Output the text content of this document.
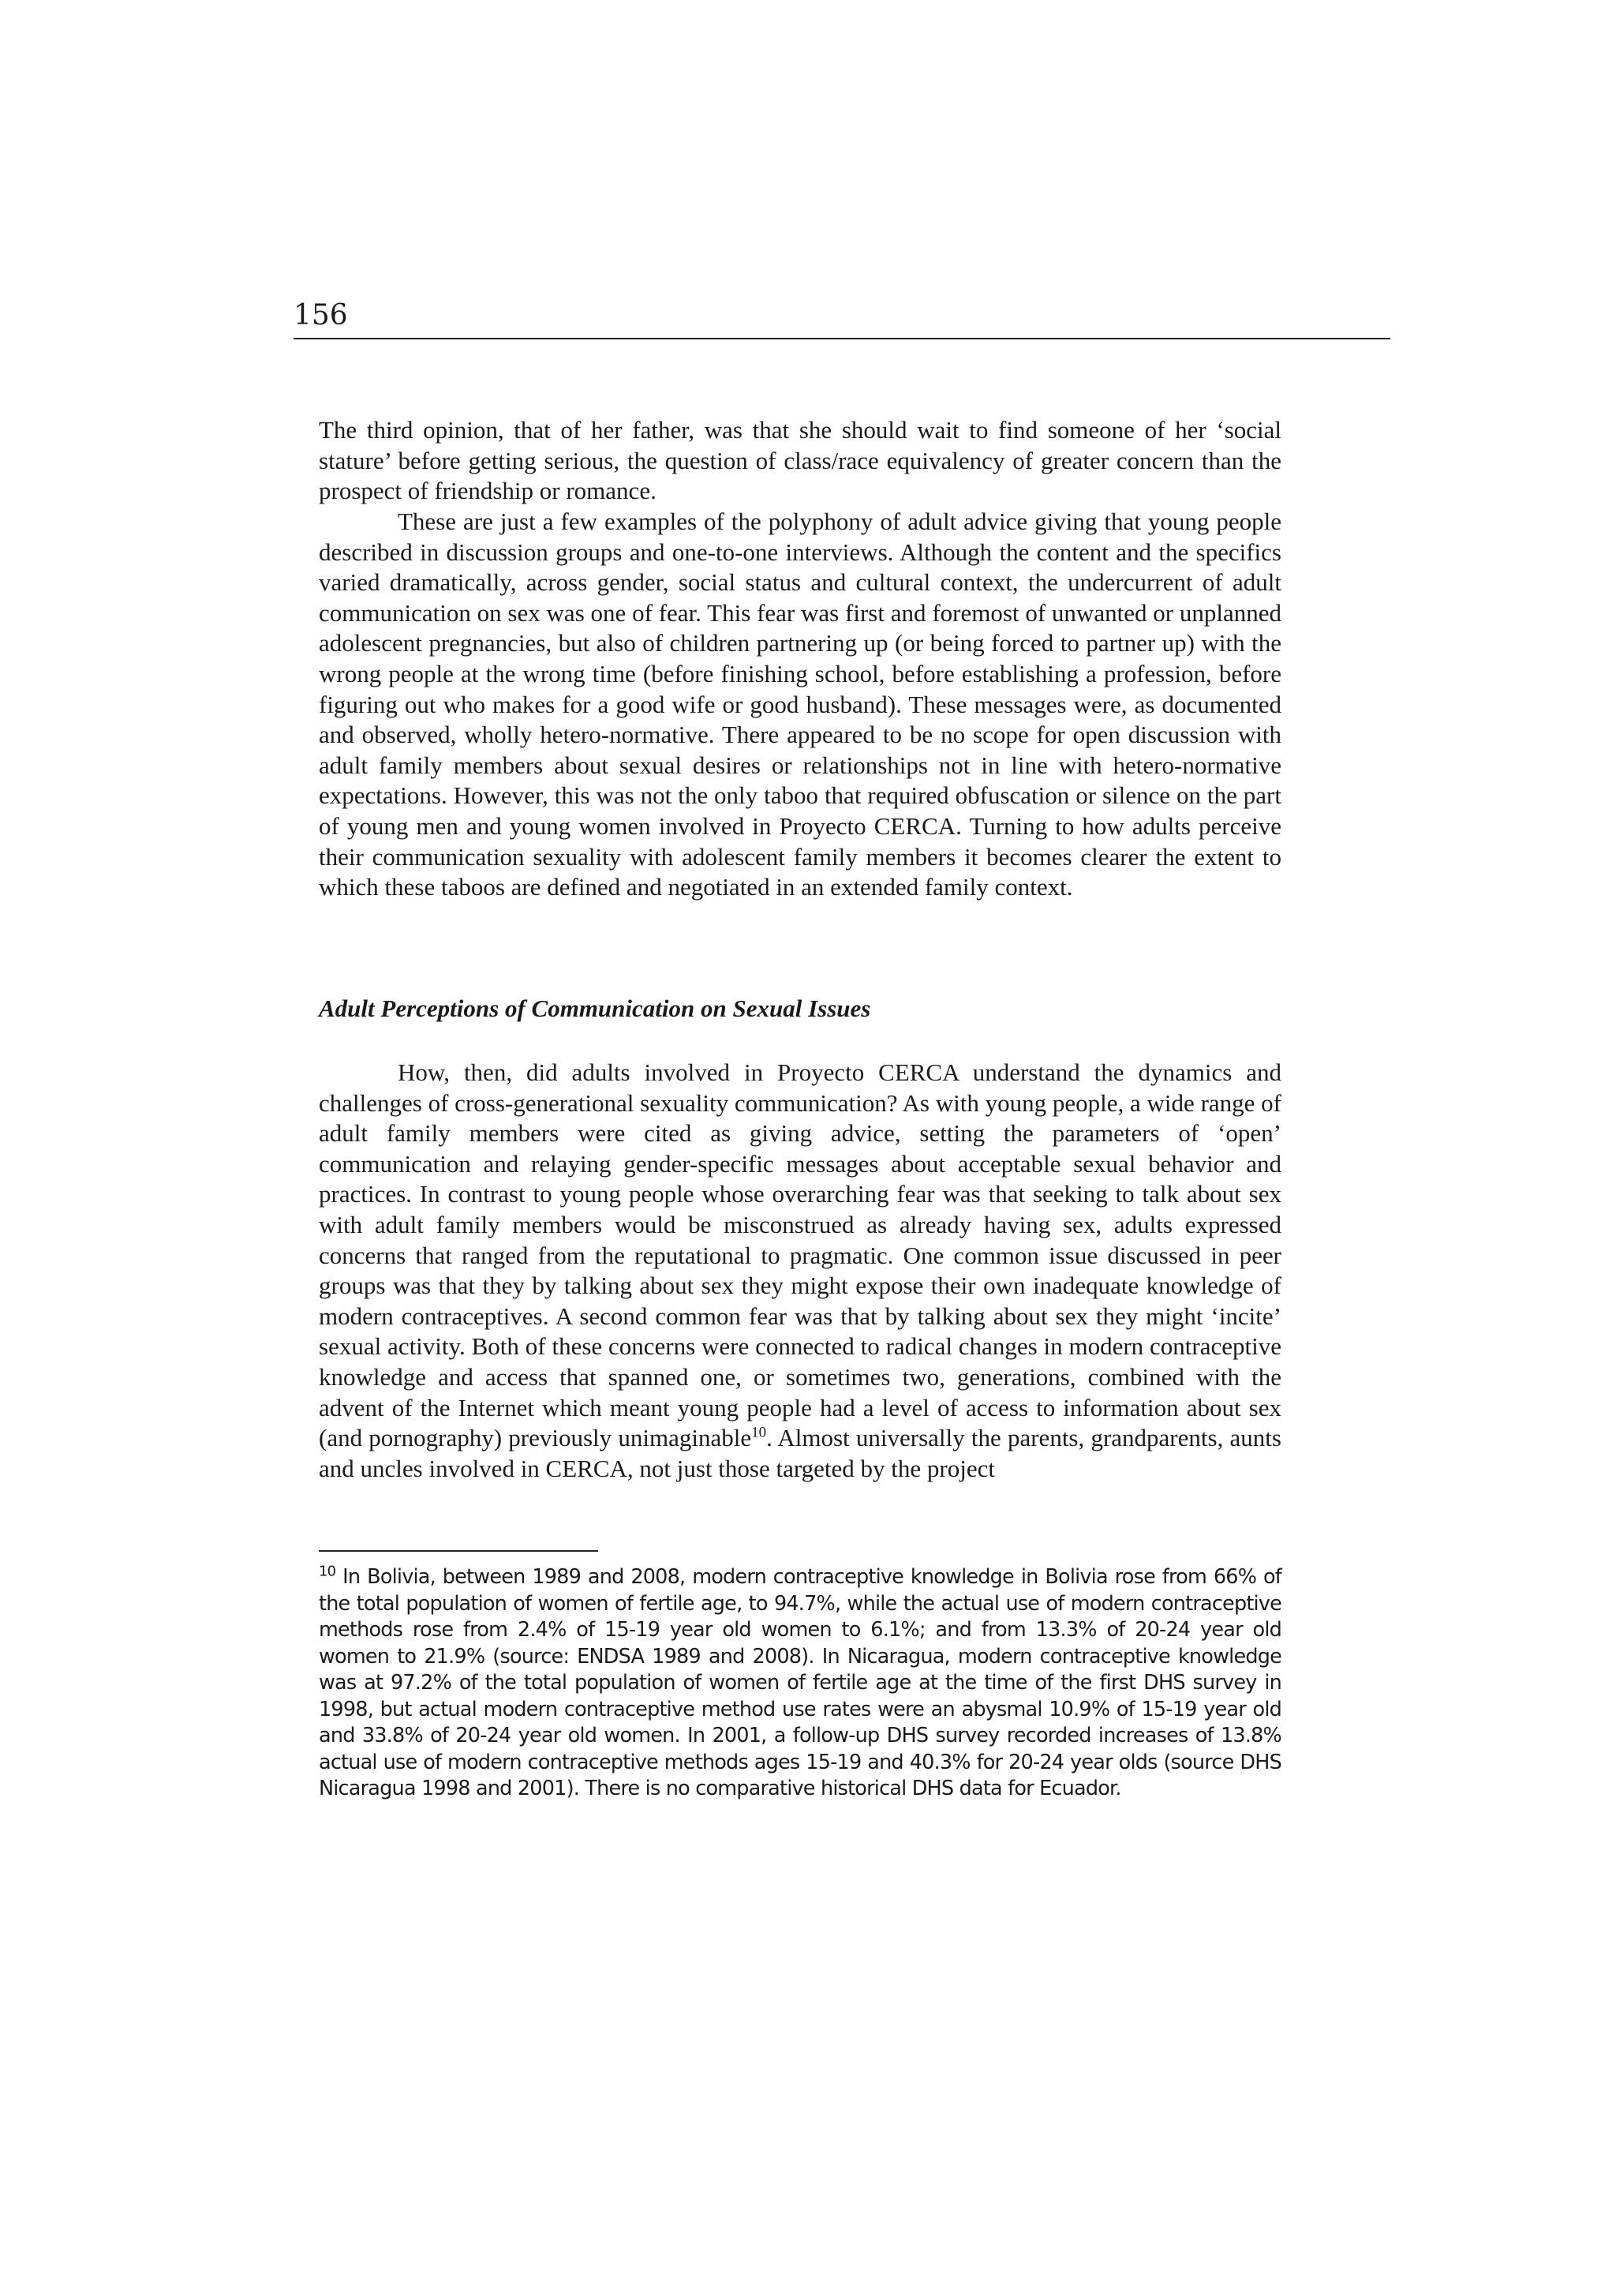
156

The third opinion, that of her father, was that she should wait to find someone of her ‘social stature’ before getting serious, the question of class/race equivalency of greater concern than the prospect of friendship or romance.

These are just a few examples of the polyphony of adult advice giving that young people described in discussion groups and one-to-one interviews. Although the content and the specifics varied dramatically, across gender, social status and cultural context, the undercurrent of adult communication on sex was one of fear. This fear was first and foremost of unwanted or unplanned adolescent pregnancies, but also of children partnering up (or being forced to partner up) with the wrong people at the wrong time (before finishing school, before establishing a profession, before figuring out who makes for a good wife or good husband). These messages were, as documented and observed, wholly hetero-normative. There appeared to be no scope for open discussion with adult family members about sexual desires or relationships not in line with hetero-normative expectations. However, this was not the only taboo that required obfuscation or silence on the part of young men and young women involved in Proyecto CERCA. Turning to how adults perceive their communication sexuality with adolescent family members it becomes clearer the extent to which these taboos are defined and negotiated in an extended family context.

Adult Perceptions of Communication on Sexual Issues

How, then, did adults involved in Proyecto CERCA understand the dynamics and challenges of cross-generational sexuality communication? As with young people, a wide range of adult family members were cited as giving advice, setting the parameters of ‘open’ communication and relaying gender-specific messages about acceptable sexual behavior and practices. In contrast to young people whose overarching fear was that seeking to talk about sex with adult family members would be misconstrued as already having sex, adults expressed concerns that ranged from the reputational to pragmatic. One common issue discussed in peer groups was that they by talking about sex they might expose their own inadequate knowledge of modern contraceptives. A second common fear was that by talking about sex they might ‘incite’ sexual activity. Both of these concerns were connected to radical changes in modern contraceptive knowledge and access that spanned one, or sometimes two, generations, combined with the advent of the Internet which meant young people had a level of access to information about sex (and pornography) previously unimaginable$^{10}$. Almost universally the parents, grandparents, aunts and uncles involved in CERCA, not just those targeted by the project

$^{10}$ In Bolivia, between 1989 and 2008, modern contraceptive knowledge in Bolivia rose from 66% of the total population of women of fertile age, to 94.7%, while the actual use of modern contraceptive methods rose from 2.4% of 15-19 year old women to 6.1%; and from 13.3% of 20-24 year old women to 21.9% (source: ENDSA 1989 and 2008). In Nicaragua, modern contraceptive knowledge was at 97.2% of the total population of women of fertile age at the time of the first DHS survey in 1998, but actual modern contraceptive method use rates were an abysmal 10.9% of 15-19 year old and 33.8% of 20-24 year old women. In 2001, a follow-up DHS survey recorded increases of 13.8% actual use of modern contraceptive methods ages 15-19 and 40.3% for 20-24 year olds (source DHS Nicaragua 1998 and 2001). There is no comparative historical DHS data for Ecuador.
